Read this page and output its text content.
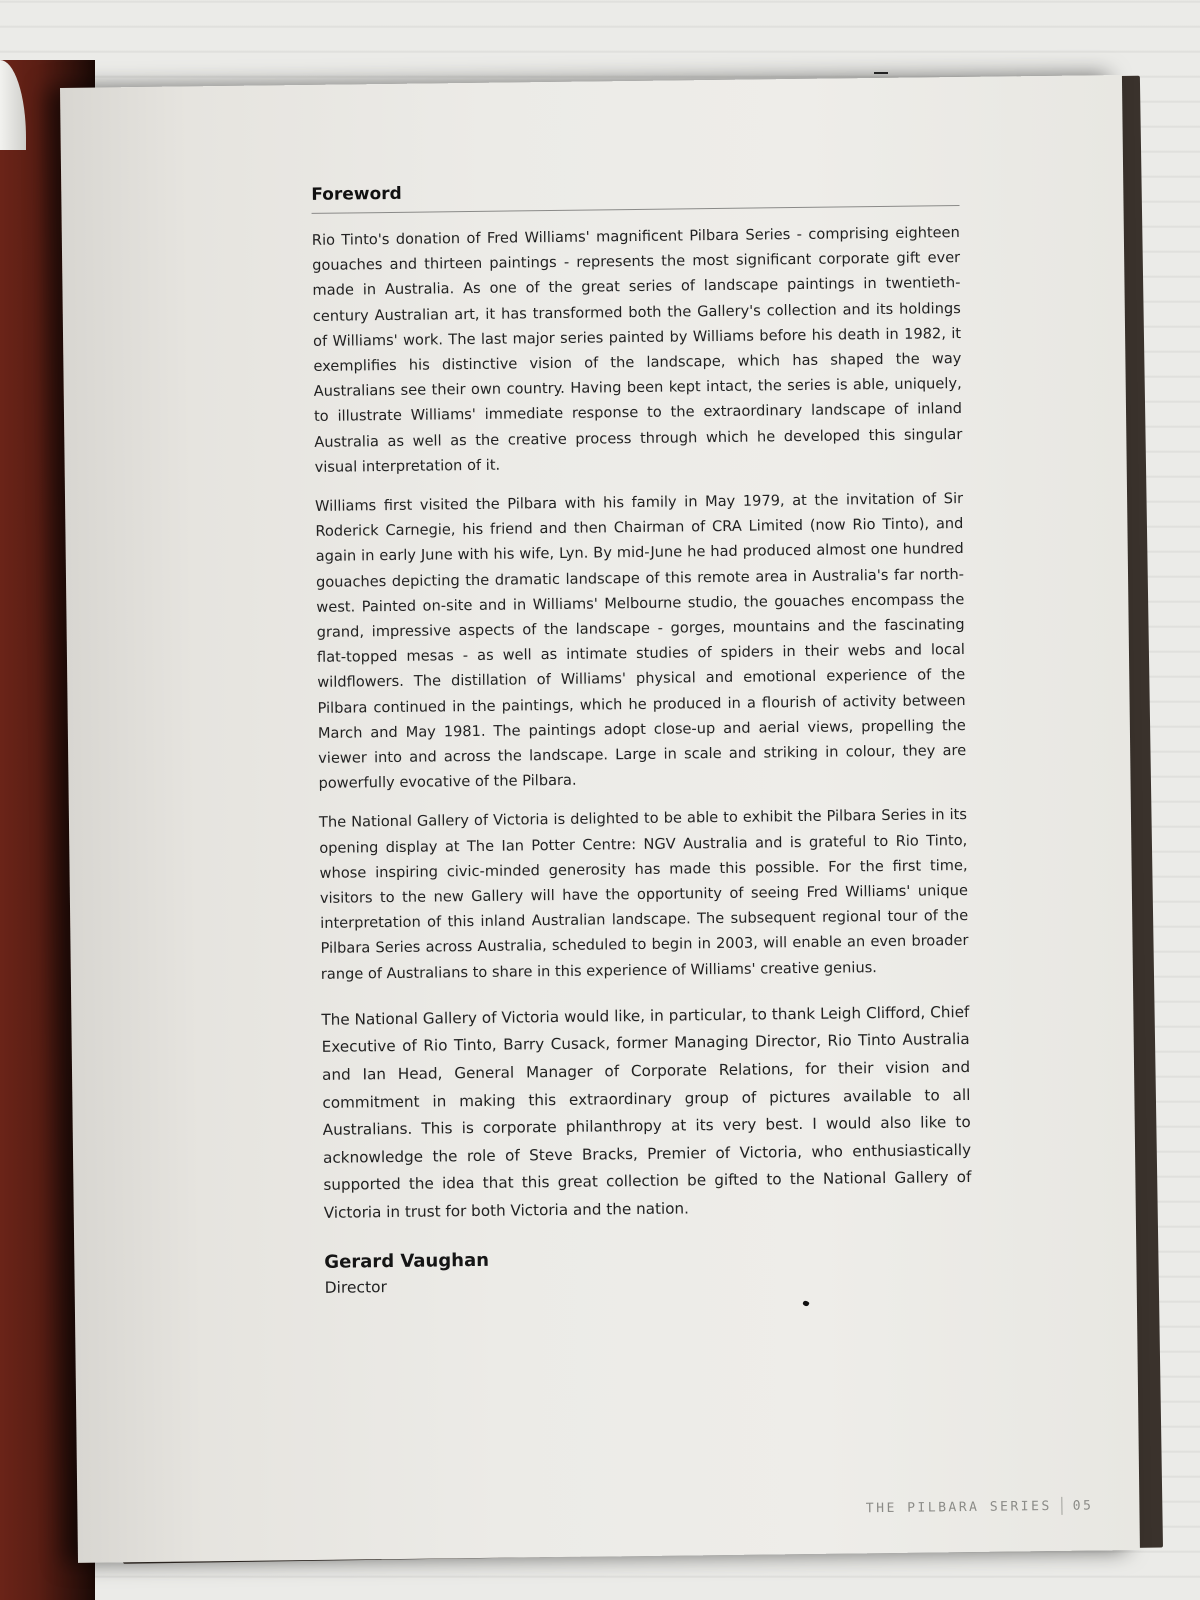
Foreword

Rio Tinto's donation of Fred Williams' magnificent Pilbara Series - comprising eighteen gouaches and thirteen paintings - represents the most significant corporate gift ever made in Australia. As one of the great series of landscape paintings in twentieth-century Australian art, it has transformed both the Gallery's collection and its holdings of Williams' work. The last major series painted by Williams before his death in 1982, it exemplifies his distinctive vision of the landscape, which has shaped the way Australians see their own country. Having been kept intact, the series is able, uniquely, to illustrate Williams' immediate response to the extraordinary landscape of inland Australia as well as the creative process through which he developed this singular visual interpretation of it.

Williams first visited the Pilbara with his family in May 1979, at the invitation of Sir Roderick Carnegie, his friend and then Chairman of CRA Limited (now Rio Tinto), and again in early June with his wife, Lyn. By mid-June he had produced almost one hundred gouaches depicting the dramatic landscape of this remote area in Australia's far north-west. Painted on-site and in Williams' Melbourne studio, the gouaches encompass the grand, impressive aspects of the landscape - gorges, mountains and the fascinating flat-topped mesas - as well as intimate studies of spiders in their webs and local wildflowers. The distillation of Williams' physical and emotional experience of the Pilbara continued in the paintings, which he produced in a flourish of activity between March and May 1981. The paintings adopt close-up and aerial views, propelling the viewer into and across the landscape. Large in scale and striking in colour, they are powerfully evocative of the Pilbara.

The National Gallery of Victoria is delighted to be able to exhibit the Pilbara Series in its opening display at The Ian Potter Centre: NGV Australia and is grateful to Rio Tinto, whose inspiring civic-minded generosity has made this possible. For the first time, visitors to the new Gallery will have the opportunity of seeing Fred Williams' unique interpretation of this inland Australian landscape. The subsequent regional tour of the Pilbara Series across Australia, scheduled to begin in 2003, will enable an even broader range of Australians to share in this experience of Williams' creative genius.

The National Gallery of Victoria would like, in particular, to thank Leigh Clifford, Chief Executive of Rio Tinto, Barry Cusack, former Managing Director, Rio Tinto Australia and Ian Head, General Manager of Corporate Relations, for their vision and commitment in making this extraordinary group of pictures available to all Australians. This is corporate philanthropy at its very best. I would also like to acknowledge the role of Steve Bracks, Premier of Victoria, who enthusiastically supported the idea that this great collection be gifted to the National Gallery of Victoria in trust for both Victoria and the nation.

Gerard Vaughan
Director
THE PILBARA SERIES 05
